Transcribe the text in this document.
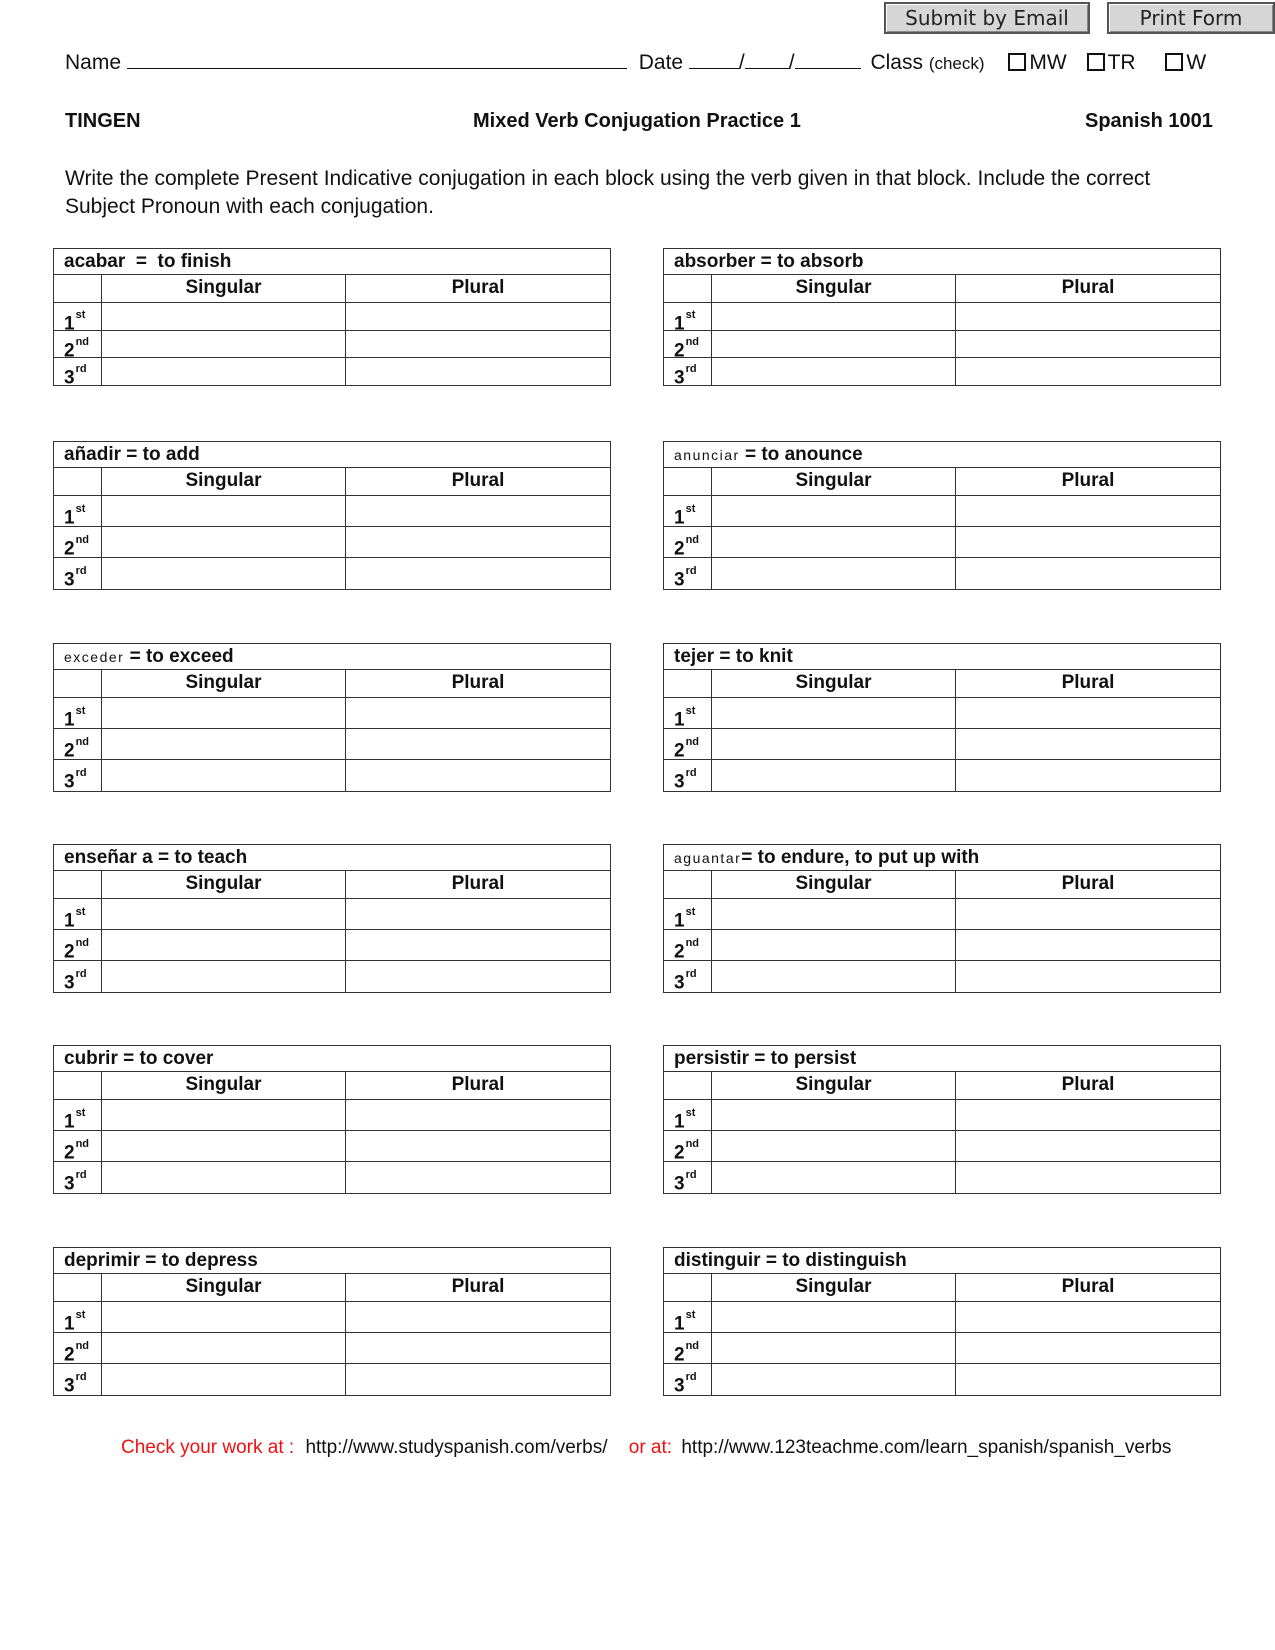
Submit by Email	Print Form
Name	Date	/ /	Class (check) MW TR W
TINGEN	Mixed Verb Conjugation Practice 1	Spanish 1001
Write the complete Present Indicative conjugation in each block using the verb given in that block. Include the correct Subject Pronoun with each conjugation.
acabar  =  to finish
Singular	Plural
1st
2nd
3rd
absorber = to absorb
Singular	Plural
1st
2nd
3rd
añadir = to add
Singular	Plural
1st
2nd
3rd
anunciar = to anounce
Singular	Plural
1st
2nd
3rd
exceder = to exceed
Singular	Plural
1st
2nd
3rd
tejer = to knit
Singular	Plural
1st
2nd
3rd
enseñar a = to teach
Singular	Plural
1st
2nd
3rd
aguantar= to endure, to put up with
Singular	Plural
1st
2nd
3rd
cubrir = to cover
Singular	Plural
1st
2nd
3rd
persistir = to persist
Singular	Plural
1st
2nd
3rd
deprimir = to depress
Singular	Plural
1st
2nd
3rd
distinguir = to distinguish
Singular	Plural
1st
2nd
3rd
Check your work at : http://www.studyspanish.com/verbs/ or at: http://www.123teachme.com/learn_spanish/spanish_verbs
